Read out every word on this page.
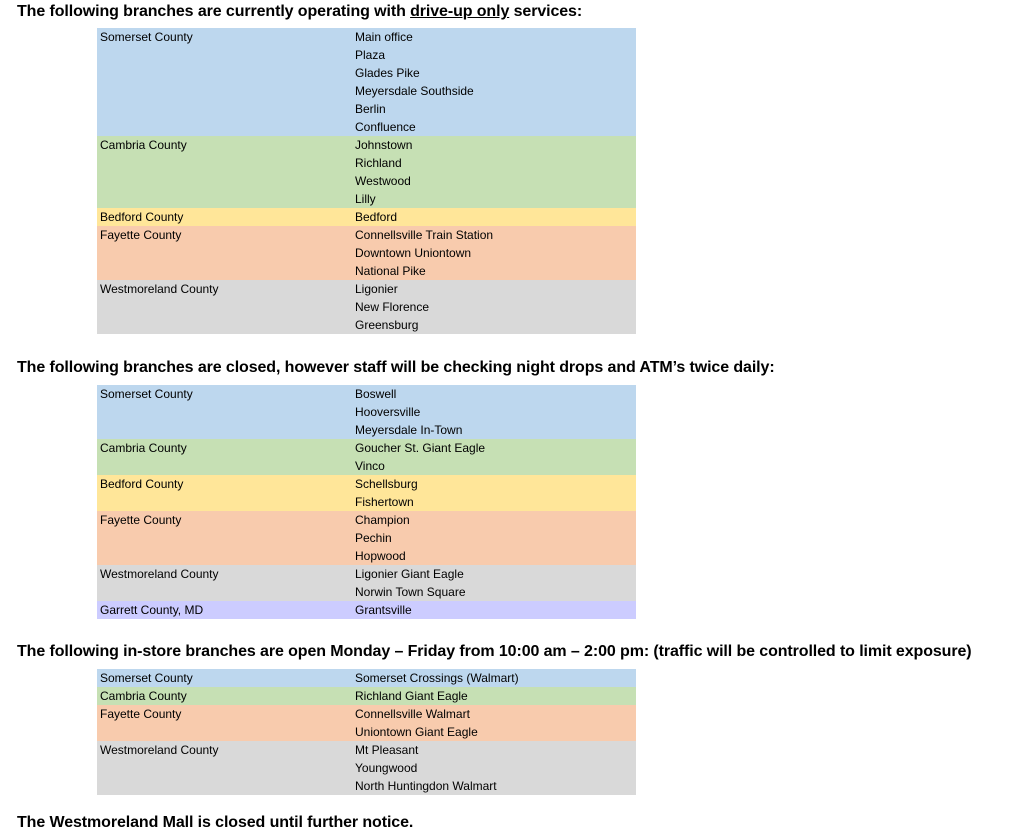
The following branches are currently operating with drive-up only services:
Somerset County	Main office
Plaza
Glades Pike
Meyersdale Southside
Berlin
Confluence
Cambria County	Johnstown
Richland
Westwood
Lilly
Bedford County	Bedford
Fayette County	Connellsville Train Station
Downtown Uniontown
National Pike
Westmoreland County	Ligonier
New Florence
Greensburg
The following branches are closed, however staff will be checking night drops and ATM’s twice daily:
Somerset County	Boswell
Hooversville
Meyersdale In-Town
Cambria County	Goucher St. Giant Eagle
Vinco
Bedford County	Schellsburg
Fishertown
Fayette County	Champion
Pechin
Hopwood
Westmoreland County	Ligonier Giant Eagle
Norwin Town Square
Garrett County, MD	Grantsville
The following in-store branches are open Monday – Friday from 10:00 am – 2:00 pm: (traffic will be controlled to limit exposure)
Somerset County	Somerset Crossings (Walmart)
Cambria County	Richland Giant Eagle
Fayette County	Connellsville Walmart
Uniontown Giant Eagle
Westmoreland County	Mt Pleasant
Youngwood
North Huntingdon Walmart
The Westmoreland Mall is closed until further notice.
